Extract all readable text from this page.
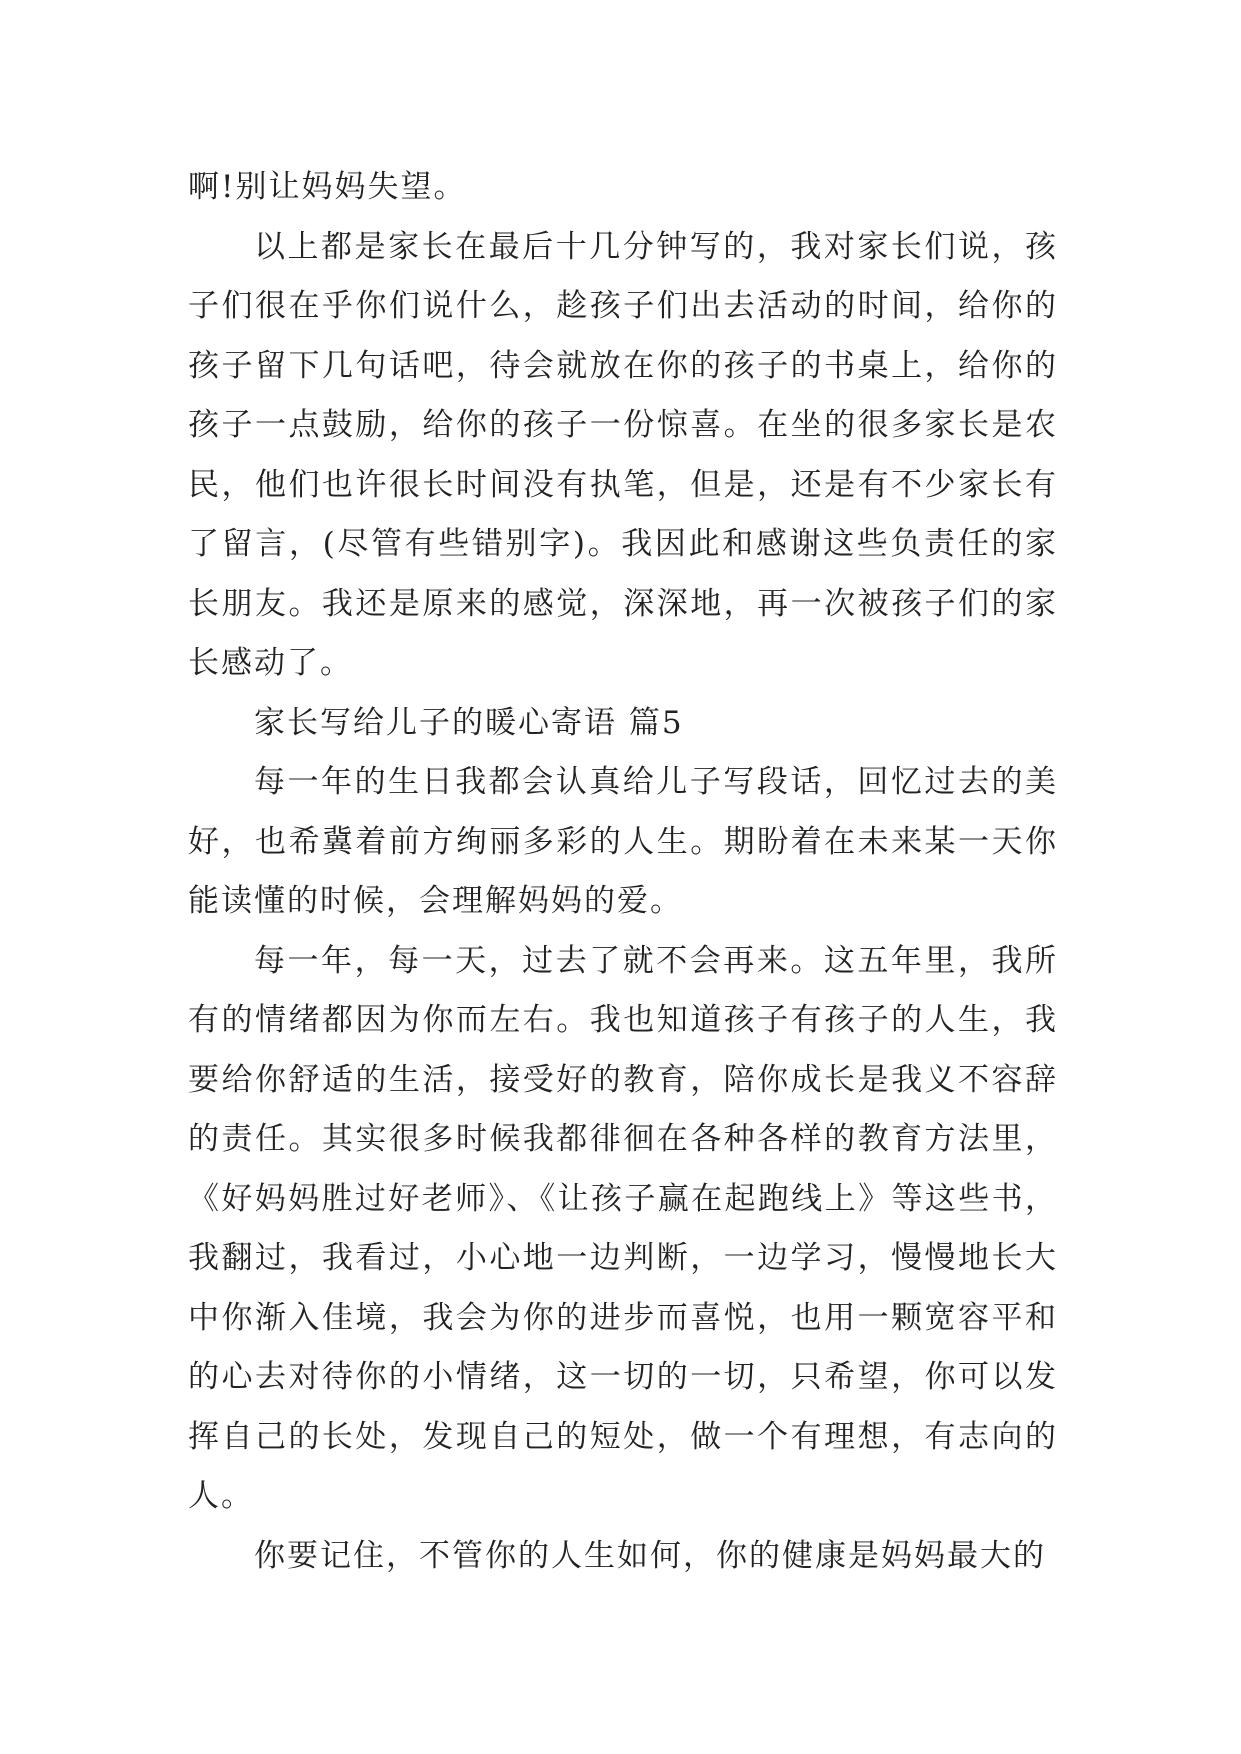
啊!别让妈妈失望。

以上都是家长在最后十几分钟写的，我对家长们说，孩子们很在乎你们说什么，趁孩子们出去活动的时间，给你的孩子留下几句话吧，待会就放在你的孩子的书桌上，给你的孩子一点鼓励，给你的孩子一份惊喜。在坐的很多家长是农民，他们也许很长时间没有执笔，但是，还是有不少家长有了留言，(尽管有些错别字)。我因此和感谢这些负责任的家长朋友。我还是原来的感觉，深深地，再一次被孩子们的家长感动了。

家长写给儿子的暖心寄语 篇5

每一年的生日我都会认真给儿子写段话，回忆过去的美好，也希冀着前方绚丽多彩的人生。期盼着在未来某一天你能读懂的时候，会理解妈妈的爱。

每一年，每一天，过去了就不会再来。这五年里，我所有的情绪都因为你而左右。我也知道孩子有孩子的人生，我要给你舒适的生活，接受好的教育，陪你成长是我义不容辞的责任。其实很多时候我都徘徊在各种各样的教育方法里，《好妈妈胜过好老师》、《让孩子赢在起跑线上》等这些书，我翻过，我看过，小心地一边判断，一边学习，慢慢地长大中你渐入佳境，我会为你的进步而喜悦，也用一颗宽容平和的心去对待你的小情绪，这一切的一切，只希望，你可以发挥自己的长处，发现自己的短处，做一个有理想，有志向的人。

你要记住，不管你的人生如何，你的健康是妈妈最大的
